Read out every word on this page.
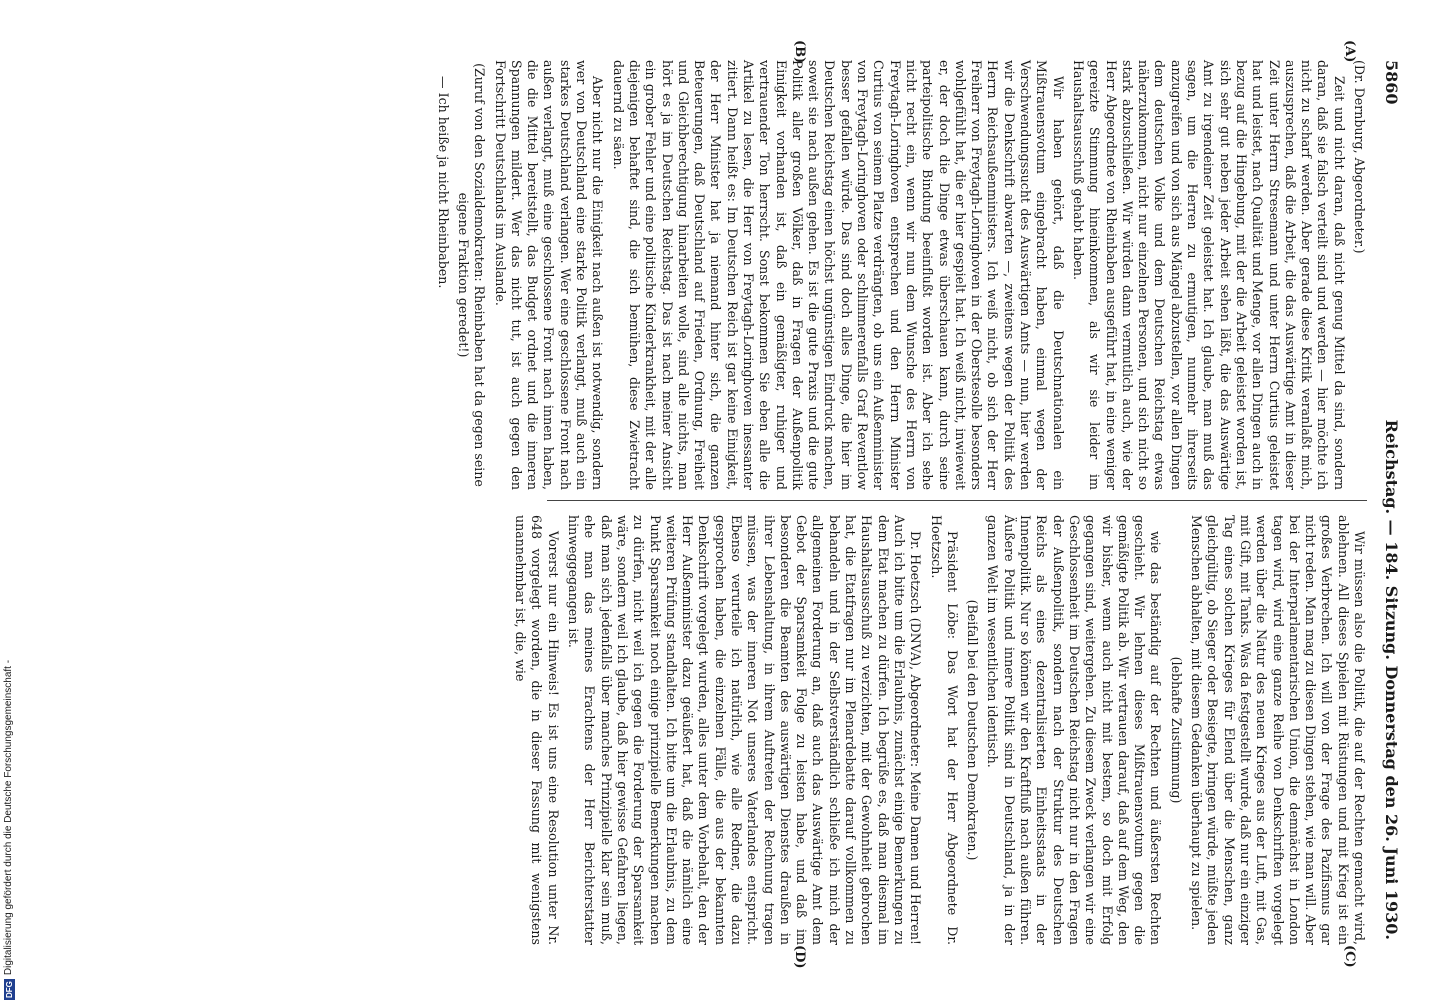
DFG
Digitalisierung gefördert durch die Deutsche Forschungsgemeinschaft -
5860
Reichstag. — 184. Sitzung. Donnerstag den 26. Juni 1930.
(A)
(B)
(C)
(D)

(Dr. Dernburg, Abgeordneter.)

Zeit und nicht daran, daß nicht genug Mittel da sind, sondern daran, daß sie falsch verteilt sind und werden — hier möchte ich nicht zu scharf werden. Aber gerade diese Kritik veranlaßt mich, auszusprechen, daß die Arbeit, die das Auswärtige Amt in dieser Zeit unter Herrn Stresemann und unter Herrn Curtius geleistet hat und leistet, nach Qualität und Menge, vor allen Dingen auch in bezug auf die Hingebung, mit der die Arbeit geleistet worden ist, sich sehr gut neben jeder Arbeit sehen läßt, die das Auswärtige Amt zu irgendeiner Zeit geleistet hat. Ich glaube, man muß das sagen, um die Herren zu ermutigen, nunmehr ihrerseits anzugreifen und von sich aus Mängel abzustellen, vor allen Dingen dem deutschen Volke und dem Deutschen Reichstag etwas näherzukommen, nicht nur einzelnen Personen, und sich nicht so stark abzuschließen. Wir würden dann vermutlich auch, wie der Herr Abgeordnete von Rheinbaben ausgeführt hat, in eine weniger gereizte Stimmung hineinkommen, als wir sie leider im Haushaltsausschuß gehabt haben.

Wir haben gehört, daß die Deutschnationalen ein Mißtrauensvotum eingebracht haben, einmal wegen der Verschwendungssucht des Auswärtigen Amts — nun, hier werden wir die Denkschrift abwarten —, zweitens wegen der Politik des Herrn Reichsaußenministers. Ich weiß nicht, ob sich der Herr Freiherr von Freytagh-Loringhoven in der Oberstesolle besonders wohlgefühlt hat, die er hier gespielt hat. Ich weiß nicht, inwieweit er, der doch die Dinge etwas überschauen kann, durch seine parteipolitische Bindung beeinflußt worden ist. Aber ich sehe nicht recht ein, wenn wir nun dem Wunsche des Herrn von Freytagh-Loringhoven entsprechen und den Herrn Minister Curtius von seinem Platze verdrängten, ob uns ein Außenminister von Freytagh-Loringhoven oder schlimmerenfalls Graf Reventlow besser gefallen würde. Das sind doch alles Dinge, die hier im Deutschen Reichstag einen höchst ungünstigen Eindruck machen, soweit sie nach außen gehen. Es ist die gute Praxis und die gute Politik aller großen Völker, daß in Fragen der Außenpolitik Einigkeit vorhanden ist, daß ein gemäßigter, ruhiger und vertrauender Ton herrscht. Sonst bekommen Sie eben alle die Artikel zu lesen, die Herr von Freytagh-Loringhoven inessanter zitiert. Dann heißt es: Im Deutschen Reich ist gar keine Einigkeit, der Herr Minister hat ja niemand hinter sich, die ganzen Beteuerungen, daß Deutschland auf Frieden, Ordnung, Freiheit und Gleichberechtigung hinarbeiten wolle, sind alle nichts, man hört es ja im Deutschen Reichstag. Das ist nach meiner Ansicht ein grober Fehler und eine politische Kinderkrankheit, mit der alle diejenigen behaftet sind, die sich bemühen, diese Zwietracht dauernd zu säen.

Aber nicht nur die Einigkeit nach außen ist notwendig, sondern wer von Deutschland eine starke Politik verlangt, muß auch ein starkes Deutschland verlangen. Wer eine geschlossene Front nach außen verlangt, muß eine geschlossene Front nach innen haben, die die Mittel bereitstellt, das Budget ordnet und die inneren Spannungen mildert. Wer das nicht tut, ist auch gegen den Fortschritt Deutschlands im Auslande.

(Zuruf von den Sozialdemokraten: Rheinbaben hat da gegen seine eigene Fraktion geredet!)

— Ich heiße ja nicht Rheinbaben.

Wir müssen also die Politik, die auf der Rechten gemacht wird, ablehnen. All dieses Spielen mit Rüstungen und mit Krieg ist ein großes Verbrechen. Ich will von der Frage des Pazifismus gar nicht reden. Man mag zu diesen Dingen stehen, wie man will. Aber bei der Interparlamentarischen Union, die demnächst in London tagen wird, wird eine ganze Reihe von Denkschriften vorgelegt werden über die Natur des neuen Krieges aus der Luft, mit Gas, mit Gift, mit Tanks. Was da festgestellt wurde, daß nur ein einziger Tag eines solchen Krieges für Elend über die Menschen, ganz gleichgültig, ob Sieger oder Besiegte, bringen würde, müßte jeden Menschen abhalten, mit diesem Gedanken überhaupt zu spielen.

(lebhafte Zustimmung)

wie das beständig auf der Rechten und äußersten Rechten geschieht. Wir lehnen dieses Mißtrauensvotum gegen die gemäßigte Politik ab. Wir vertrauen darauf, daß auf dem Weg, den wir bisher, wenn auch nicht mit bestem, so doch mit Erfolg gegangen sind, weitergehen. Zu diesem Zweck verlangen wir eine Geschlossenheit im Deutschen Reichstag nicht nur in den Fragen der Außenpolitik, sondern nach der Struktur des Deutschen Reichs als eines dezentralisierten Einheitsstaats in der Innenpolitik. Nur so können wir den Kraftfluß nach außen führen. Äußere Politik und innere Politik sind in Deutschland, ja in der ganzen Welt im wesentlichen identisch.

(Beifall bei den Deutschen Demokraten.)

Präsident Löbe: Das Wort hat der Herr Abgeordnete Dr. Hoetzsch.

Dr. Hoetzsch (DNVA), Abgeordneter: Meine Damen und Herren! Auch ich bitte um die Erlaubnis, zunächst einige Bemerkungen zu dem Etat machen zu dürfen. Ich begrüße es, daß man diesmal im Haushaltsausschuß zu verzichten, mit der Gewohnheit gebrochen hat, die Etatfragen nur im Plenardebatte darauf vollkommen zu behandeln und in der Selbstverständlich schließe ich mich der allgemeinen Forderung an, daß auch das Auswärtige Amt dem Gebot der Sparsamkeit Folge zu leisten habe, und daß im besonderen die Beamten des auswärtigen Dienstes draußen in ihrer Lebenshaltung, in ihrem Auftreten der Rechnung tragen müssen, was der inneren Not unseres Vaterlandes entspricht. Ebenso verurteile ich natürlich, wie alle Redner, die dazu gesprochen haben, die einzelnen Fälle, die aus der bekannten Denkschrift vorgelegt wurden, alles unter dem Vorbehalt, den der Herr Außenminister dazu geäußert hat, daß die nämlich eine weiteren Prüfung standhalten. Ich bitte um die Erlaubnis, zu dem Punkt Sparsamkeit noch einige prinzipielle Bemerkungen machen zu dürfen, nicht weil ich gegen die Forderung der Sparsamkeit wäre, sondern weil ich glaube, daß hier gewisse Gefahren liegen, daß man sich jedenfalls über manches Prinzipielle klar sein muß, ehe man das meines Erachtens der Herr Berichterstatter hinweggegangen ist.

Vorerst nur ein Hinweis! Es ist uns eine Resolution unter Nr. 648 vorgelegt worden, die in dieser Fassung mit wenigstens unannehmbar ist, die, wie
